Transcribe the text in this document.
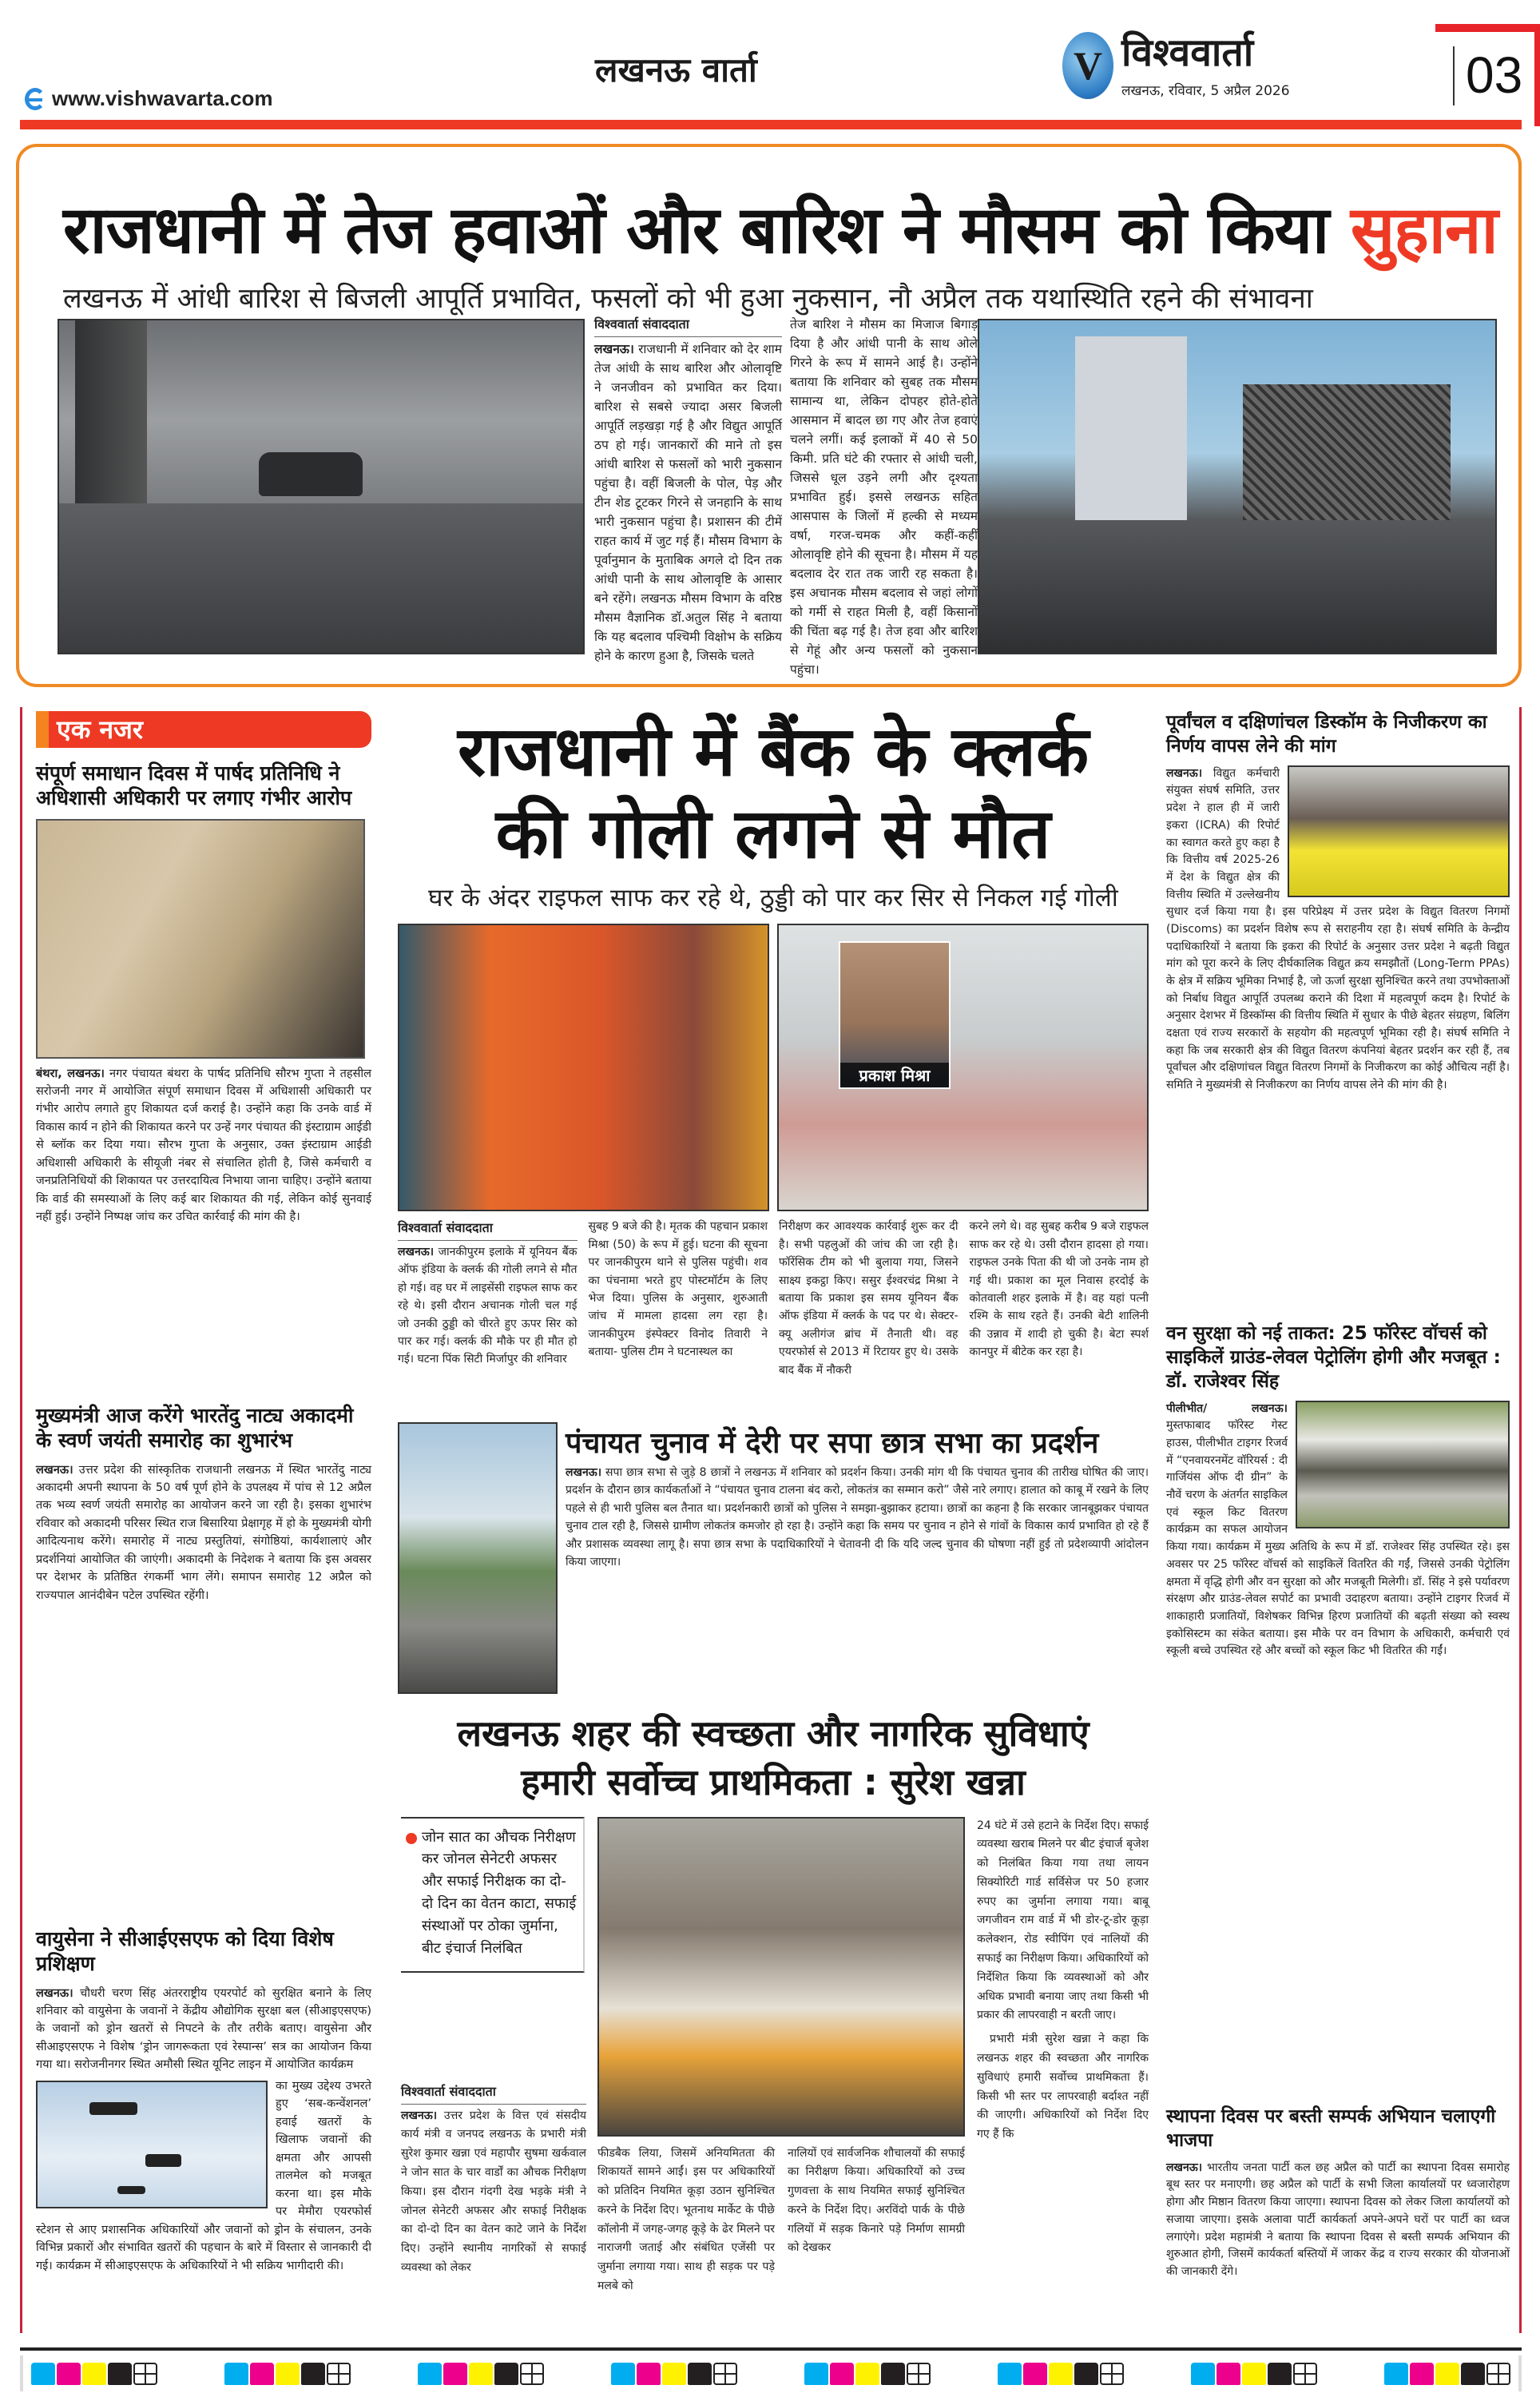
www.vishwavarta.com
लखनऊ वार्ता	V विश्ववार्ता
लखनऊ, रविवार, 5 अप्रैल 2026	03
राजधानी में तेज हवाओं और बारिश ने मौसम को किया सुहाना
लखनऊ में आंधी बारिश से बिजली आपूर्ति प्रभावित, फसलों को भी हुआ नुकसान, नौ अप्रैल तक यथास्थिति रहने की संभावना
विश्ववार्ता संवाददाता
लखनऊ। राजधानी में शनिवार को देर शाम तेज आंधी के साथ बारिश और ओलावृष्टि ने जनजीवन को प्रभावित कर दिया। बारिश से सबसे ज्यादा असर बिजली आपूर्ति लड़खड़ा गई है और विद्युत आपूर्ति ठप हो गई। जानकारों की माने तो इस आंधी बारिश से फसलों को भारी नुकसान पहुंचा है। वहीं बिजली के पोल, पेड़ और टीन शेड टूटकर गिरने से जनहानि के साथ भारी नुकसान पहुंचा है। प्रशासन की टीमें राहत कार्य में जुट गई हैं। मौसम विभाग के पूर्वानुमान के मुताबिक अगले दो दिन तक आंधी पानी के साथ ओलावृष्टि के आसार बने रहेंगे। लखनऊ मौसम विभाग के वरिष्ठ मौसम वैज्ञानिक डॉ.अतुल सिंह ने बताया कि यह बदलाव पश्चिमी विक्षोभ के सक्रिय होने के कारण हुआ है, जिसके चलते
तेज बारिश ने मौसम का मिजाज बिगाड़ दिया है और आंधी पानी के साथ ओले गिरने के रूप में सामने आई है। उन्होंने बताया कि शनिवार को सुबह तक मौसम सामान्य था, लेकिन दोपहर होते-होते आसमान में बादल छा गए और तेज हवाएं चलने लगीं। कई इलाकों में 40 से 50 किमी. प्रति घंटे की रफ्तार से आंधी चली, जिससे धूल उड़ने लगी और दृश्यता प्रभावित हुई। इससे लखनऊ सहित आसपास के जिलों में हल्की से मध्यम वर्षा, गरज-चमक और कहीं-कहीं ओलावृष्टि होने की सूचना है। मौसम में यह बदलाव देर रात तक जारी रह सकता है। इस अचानक मौसम बदलाव से जहां लोगों को गर्मी से राहत मिली है, वहीं किसानों की चिंता बढ़ गई है। तेज हवा और बारिश से गेहूं और अन्य फसलों को नुकसान पहुंचा।
एक नजर
संपूर्ण समाधान दिवस में पार्षद प्रतिनिधि ने अधिशासी अधिकारी पर लगाए गंभीर आरोप
बंथरा, लखनऊ। नगर पंचायत बंथरा के पार्षद प्रतिनिधि सौरभ गुप्ता ने तहसील सरोजनी नगर में आयोजित संपूर्ण समाधान दिवस में अधिशासी अधिकारी पर गंभीर आरोप लगाते हुए शिकायत दर्ज कराई है। उन्होंने कहा कि उनके वार्ड में विकास कार्य न होने की शिकायत करने पर उन्हें नगर पंचायत की इंस्टाग्राम आईडी से ब्लॉक कर दिया गया। सौरभ गुप्ता के अनुसार, उक्त इंस्टाग्राम आईडी अधिशासी अधिकारी के सीयूजी नंबर से संचालित होती है, जिसे कर्मचारी व जनप्रतिनिधियों की शिकायत पर उत्तरदायित्व निभाया जाना चाहिए। उन्होंने बताया कि वार्ड की समस्याओं के लिए कई बार शिकायत की गई, लेकिन कोई सुनवाई नहीं हुई। उन्होंने निष्पक्ष जांच कर उचित कार्रवाई की मांग की है।
मुख्यमंत्री आज करेंगे भारतेंदु नाट्य अकादमी के स्वर्ण जयंती समारोह का शुभारंभ
लखनऊ। उत्तर प्रदेश की सांस्कृतिक राजधानी लखनऊ में स्थित भारतेंदु नाट्य अकादमी अपनी स्थापना के 50 वर्ष पूर्ण होने के उपलक्ष्य में पांच से 12 अप्रैल तक भव्य स्वर्ण जयंती समारोह का आयोजन करने जा रही है। इसका शुभारंभ रविवार को अकादमी परिसर स्थित राज बिसारिया प्रेक्षागृह में हो के मुख्यमंत्री योगी आदित्यनाथ करेंगे। समारोह में नाट्य प्रस्तुतियां, संगोष्ठियां, कार्यशालाएं और प्रदर्शनियां आयोजित की जाएंगी। अकादमी के निदेशक ने बताया कि इस अवसर पर देशभर के प्रतिष्ठित रंगकर्मी भाग लेंगे। समापन समारोह 12 अप्रैल को राज्यपाल आनंदीबेन पटेल उपस्थित रहेंगी।
वायुसेना ने सीआईएसएफ को दिया विशेष प्रशिक्षण
लखनऊ। चौधरी चरण सिंह अंतरराष्ट्रीय एयरपोर्ट को सुरक्षित बनाने के लिए शनिवार को वायुसेना के जवानों ने केंद्रीय औद्योगिक सुरक्षा बल (सीआइएसएफ) के जवानों को ड्रोन खतरों से निपटने के तौर तरीके बताए। वायुसेना और सीआइएसएफ ने विशेष ‘ड्रोन जागरूकता एवं रेस्पान्स’ सत्र का आयोजन किया गया था। सरोजनीनगर स्थित अमौसी स्थित यूनिट लाइन में आयोजित कार्यक्रम
का मुख्य उद्देश्य उभरते हुए ‘सब-कन्वेंशनल’ हवाई खतरों के खिलाफ जवानों की क्षमता और आपसी तालमेल को मजबूत करना था। इस मौके पर मेमौरा एयरफोर्स स्टेशन से आए प्रशासनिक अधिकारियों और जवानों को ड्रोन के संचालन, उनके विभिन्न प्रकारों और संभावित खतरों की पहचान के बारे में विस्तार से जानकारी दी गई। कार्यक्रम में सीआइएसएफ के अधिकारियों ने भी सक्रिय भागीदारी की।
राजधानी में बैंक के क्लर्क
की गोली लगने से मौत
घर के अंदर राइफल साफ कर रहे थे, ठुड्डी को पार कर सिर से निकल गई गोली
प्रकाश मिश्रा
विश्ववार्ता संवाददाता
लखनऊ। जानकीपुरम इलाके में यूनियन बैंक ऑफ इंडिया के क्लर्क की गोली लगने से मौत हो गई। वह घर में लाइसेंसी राइफल साफ कर रहे थे। इसी दौरान अचानक गोली चल गई जो उनकी ठुड्डी को चीरते हुए ऊपर सिर को पार कर गई। क्लर्क की मौके पर ही मौत हो गई। घटना पिंक सिटी मिर्जापुर की शनिवार
सुबह 9 बजे की है। मृतक की पहचान प्रकाश मिश्रा (50) के रूप में हुई। घटना की सूचना पर जानकीपुरम थाने से पुलिस पहुंची। शव का पंचनामा भरते हुए पोस्टमॉर्टम के लिए भेज दिया। पुलिस के अनुसार, शुरुआती जांच में मामला हादसा लग रहा है। जानकीपुरम इंस्पेक्टर विनोद तिवारी ने बताया- पुलिस टीम ने घटनास्थल का
निरीक्षण कर आवश्यक कार्रवाई शुरू कर दी है। सभी पहलुओं की जांच की जा रही है। फॉरेंसिक टीम को भी बुलाया गया, जिसने साक्ष्य इकट्ठा किए। ससुर ईश्वरचंद्र मिश्रा ने बताया कि प्रकाश इस समय यूनियन बैंक ऑफ इंडिया में क्लर्क के पद पर थे। सेक्टर-क्यू अलीगंज ब्रांच में तैनाती थी। वह एयरफोर्स से 2013 में रिटायर हुए थे। उसके बाद बैंक में नौकरी
करने लगे थे। वह सुबह करीब 9 बजे राइफल साफ कर रहे थे। उसी दौरान हादसा हो गया। राइफल उनके पिता की थी जो उनके नाम हो गई थी। प्रकाश का मूल निवास हरदोई के कोतवाली शहर इलाके में है। वह यहां पत्नी रश्मि के साथ रहते हैं। उनकी बेटी शालिनी की उन्नाव में शादी हो चुकी है। बेटा स्पर्श कानपुर में बीटेक कर रहा है।
पंचायत चुनाव में देरी पर सपा छात्र सभा का प्रदर्शन
लखनऊ। सपा छात्र सभा से जुड़े 8 छात्रों ने लखनऊ में शनिवार को प्रदर्शन किया। उनकी मांग थी कि पंचायत चुनाव की तारीख घोषित की जाए। प्रदर्शन के दौरान छात्र कार्यकर्ताओं ने “पंचायत चुनाव टालना बंद करो, लोकतंत्र का सम्मान करो” जैसे नारे लगाए। हालात को काबू में रखने के लिए पहले से ही भारी पुलिस बल तैनात था। प्रदर्शनकारी छात्रों को पुलिस ने समझा-बुझाकर हटाया। छात्रों का कहना है कि सरकार जानबूझकर पंचायत चुनाव टाल रही है, जिससे ग्रामीण लोकतंत्र कमजोर हो रहा है। उन्होंने कहा कि समय पर चुनाव न होने से गांवों के विकास कार्य प्रभावित हो रहे हैं और प्रशासक व्यवस्था लागू है। सपा छात्र सभा के पदाधिकारियों ने चेतावनी दी कि यदि जल्द चुनाव की घोषणा नहीं हुई तो प्रदेशव्यापी आंदोलन किया जाएगा।
लखनऊ शहर की स्वच्छता और नागरिक सुविधाएं
हमारी सर्वोच्च प्राथमिकता : सुरेश खन्ना
जोन सात का औचक निरीक्षण कर जोनल सेनेटरी अफसर और सफाई निरीक्षक का दो-दो दिन का वेतन काटा, सफाई संस्थाओं पर ठोका जुर्माना, बीट इंचार्ज निलंबित
विश्ववार्ता संवाददाता
लखनऊ। उत्तर प्रदेश के वित्त एवं संसदीय कार्य मंत्री व जनपद लखनऊ के प्रभारी मंत्री सुरेश कुमार खन्ना एवं महापौर सुषमा खर्कवाल ने जोन सात के चार वार्डों का औचक निरीक्षण किया। इस दौरान गंदगी देख भड़के मंत्री ने जोनल सेनेटरी अफसर और सफाई निरीक्षक का दो-दो दिन का वेतन काटे जाने के निर्देश दिए। उन्होंने स्थानीय नागरिकों से सफाई व्यवस्था को लेकर
फीडबैक लिया, जिसमें अनियमितता की शिकायतें सामने आईं। इस पर अधिकारियों को प्रतिदिन नियमित कूड़ा उठान सुनिश्चित करने के निर्देश दिए। भूतनाथ मार्केट के पीछे कॉलोनी में जगह-जगह कूड़े के ढेर मिलने पर नाराजगी जताई और संबंधित एजेंसी पर जुर्माना लगाया गया। साथ ही सड़क पर पड़े मलबे को
नालियों एवं सार्वजनिक शौचालयों की सफाई का निरीक्षण किया। अधिकारियों को उच्च गुणवत्ता के साथ नियमित सफाई सुनिश्चित करने के निर्देश दिए। अरविंदो पार्क के पीछे गलियों में सड़क किनारे पड़े निर्माण सामग्री को देखकर
24 घंटे में उसे हटाने के निर्देश दिए। सफाई व्यवस्था खराब मिलने पर बीट इंचार्ज बृजेश को निलंबित किया गया तथा लायन सिक्योरिटी गार्ड सर्विसेज पर 50 हजार रुपए का जुर्माना लगाया गया। बाबू जगजीवन राम वार्ड में भी डोर-टू-डोर कूड़ा कलेक्शन, रोड स्वीपिंग एवं नालियों की सफाई का निरीक्षण किया। अधिकारियों को निर्देशित किया कि व्यवस्थाओं को और अधिक प्रभावी बनाया जाए तथा किसी भी प्रकार की लापरवाही न बरती जाए।
प्रभारी मंत्री सुरेश खन्ना ने कहा कि लखनऊ शहर की स्वच्छता और नागरिक सुविधाएं हमारी सर्वोच्च प्राथमिकता हैं। किसी भी स्तर पर लापरवाही बर्दाश्त नहीं की जाएगी। अधिकारियों को निर्देश दिए गए हैं कि
पूर्वांचल व दक्षिणांचल डिस्कॉम के निजीकरण का निर्णय वापस लेने की मांग
लखनऊ। विद्युत कर्मचारी संयुक्त संघर्ष समिति, उत्तर प्रदेश ने हाल ही में जारी इकरा (ICRA) की रिपोर्ट का स्वागत करते हुए कहा है कि वित्तीय वर्ष 2025-26 में देश के विद्युत क्षेत्र की वित्तीय स्थिति में उल्लेखनीय सुधार दर्ज किया गया है। इस परिप्रेक्ष्य में उत्तर प्रदेश के विद्युत वितरण निगमों (Discoms) का प्रदर्शन विशेष रूप से सराहनीय रहा है। संघर्ष समिति के केन्द्रीय पदाधिकारियों ने बताया कि इकरा की रिपोर्ट के अनुसार उत्तर प्रदेश ने बढ़ती विद्युत मांग को पूरा करने के लिए दीर्घकालिक विद्युत क्रय समझौतों (Long-Term PPAs) के क्षेत्र में सक्रिय भूमिका निभाई है, जो ऊर्जा सुरक्षा सुनिश्चित करने तथा उपभोक्ताओं को निर्बाध विद्युत आपूर्ति उपलब्ध कराने की दिशा में महत्वपूर्ण कदम है। रिपोर्ट के अनुसार देशभर में डिस्कॉम्स की वित्तीय स्थिति में सुधार के पीछे बेहतर संग्रहण, बिलिंग दक्षता एवं राज्य सरकारों के सहयोग की महत्वपूर्ण भूमिका रही है। संघर्ष समिति ने कहा कि जब सरकारी क्षेत्र की विद्युत वितरण कंपनियां बेहतर प्रदर्शन कर रही हैं, तब पूर्वांचल और दक्षिणांचल विद्युत वितरण निगमों के निजीकरण का कोई औचित्य नहीं है। समिति ने मुख्यमंत्री से निजीकरण का निर्णय वापस लेने की मांग की है।
वन सुरक्षा को नई ताकत: 25 फॉरेस्ट वॉचर्स को साइकिलें ग्राउंड-लेवल पेट्रोलिंग होगी और मजबूत : डॉ. राजेश्वर सिंह
पीलीभीत/ लखनऊ। मुस्तफाबाद फॉरेस्ट गेस्ट हाउस, पीलीभीत टाइगर रिजर्व में “एनवायरनमेंट वॉरियर्स : दी गार्जियंस ऑफ दी ग्रीन” के नौवें चरण के अंतर्गत साइकिल एवं स्कूल किट वितरण कार्यक्रम का सफल आयोजन किया गया। कार्यक्रम में मुख्य अतिथि के रूप में डॉ. राजेश्वर सिंह उपस्थित रहे। इस अवसर पर 25 फॉरेस्ट वॉचर्स को साइकिलें वितरित की गईं, जिससे उनकी पेट्रोलिंग क्षमता में वृद्धि होगी और वन सुरक्षा को और मजबूती मिलेगी। डॉ. सिंह ने इसे पर्यावरण संरक्षण और ग्राउंड-लेवल सपोर्ट का प्रभावी उदाहरण बताया। उन्होंने टाइगर रिजर्व में शाकाहारी प्रजातियों, विशेषकर विभिन्न हिरण प्रजातियों की बढ़ती संख्या को स्वस्थ इकोसिस्टम का संकेत बताया। इस मौके पर वन विभाग के अधिकारी, कर्मचारी एवं स्कूली बच्चे उपस्थित रहे और बच्चों को स्कूल किट भी वितरित की गईं।
स्थापना दिवस पर बस्ती सम्पर्क अभियान चलाएगी भाजपा
लखनऊ। भारतीय जनता पार्टी कल छह अप्रैल को पार्टी का स्थापना दिवस समारोह बूथ स्तर पर मनाएगी। छह अप्रैल को पार्टी के सभी जिला कार्यालयों पर ध्वजारोहण होगा और मिष्ठान वितरण किया जाएगा। स्थापना दिवस को लेकर जिला कार्यालयों को सजाया जाएगा। इसके अलावा पार्टी कार्यकर्ता अपने-अपने घरों पर पार्टी का ध्वज लगाएंगे। प्रदेश महामंत्री ने बताया कि स्थापना दिवस से बस्ती सम्पर्क अभियान की शुरुआत होगी, जिसमें कार्यकर्ता बस्तियों में जाकर केंद्र व राज्य सरकार की योजनाओं की जानकारी देंगे।
